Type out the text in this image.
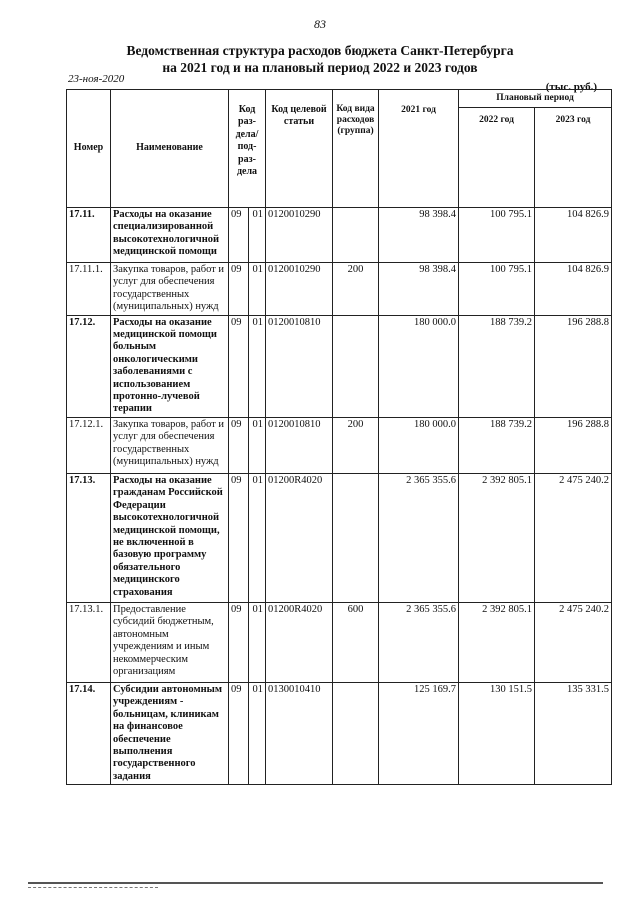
83
Ведомственная структура расходов бюджета Санкт-Петербурга
на 2021 год и на плановый период 2022 и 2023 годов
23-ноя-2020
(тыс. руб.)
Номер	Наименование	Код раз-дела/ под-раз-дела		Код целевой статьи	Код вида расходов (группа)	2021 год	Плановый период	
							2022 год	2023 год
17.11.	Расходы на оказание специализированной высокотехнологичной медицинской помощи	09	01	0120010290		98 398.4	100 795.1	104 826.9
17.11.1.	Закупка товаров, работ и услуг для обеспечения государственных (муниципальных) нужд	09	01	0120010290	200	98 398.4	100 795.1	104 826.9
17.12.	Расходы на оказание медицинской помощи больным онкологическими заболеваниями с использованием протонно-лучевой терапии	09	01	0120010810		180 000.0	188 739.2	196 288.8
17.12.1.	Закупка товаров, работ и услуг для обеспечения государственных (муниципальных) нужд	09	01	0120010810	200	180 000.0	188 739.2	196 288.8
17.13.	Расходы на оказание гражданам Российской Федерации высокотехнологичной медицинской помощи, не включенной в базовую программу обязательного медицинского страхования	09	01	01200R4020		2 365 355.6	2 392 805.1	2 475 240.2
17.13.1.	Предоставление субсидий бюджетным, автономным учреждениям и иным некоммерческим организациям	09	01	01200R4020	600	2 365 355.6	2 392 805.1	2 475 240.2
17.14.	Субсидии автономным учреждениям - больницам, клиникам на финансовое обеспечение выполнения государственного задания	09	01	0130010410		125 169.7	130 151.5	135 331.5
